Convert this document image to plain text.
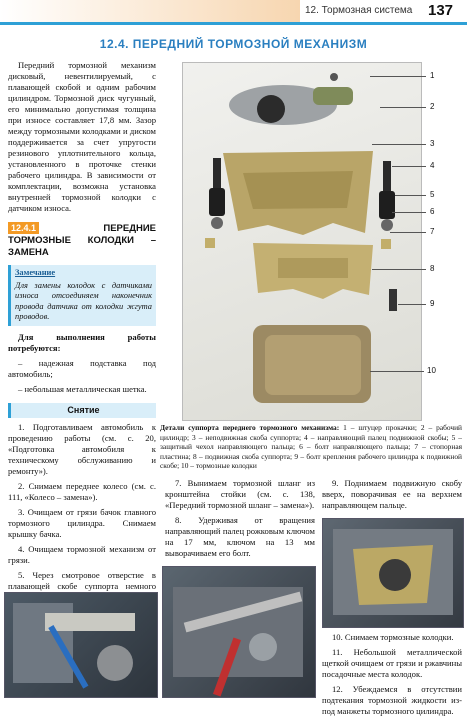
12. Тормозная система 137
12.4. ПЕРЕДНИЙ ТОРМОЗНОЙ МЕХАНИЗМ

Передний тормозной механизм дисковый, невентилируемый, с плавающей скобой и одним рабочим цилиндром. Тормозной диск чугунный, его минимально допустимая толщина при износе составляет 17,8 мм. Зазор между тормозными колодками и диском поддерживается за счет упругости резинового уплотнительного кольца, установленного в проточке стенки рабочего цилиндра. В зависимости от комплектации, возможна установка внутренней тормозной колодки с датчиком износа.

12.4.1	ПЕРЕДНИЕ ТОРМОЗНЫЕ КОЛОДКИ – ЗАМЕНА
Замечание
Для замены колодок с датчиками износа отсоединяем наконечник провода датчика от колодки жгута проводов.

Для выполнения работы потребуются:

– надежная подставка под автомобиль;

– небольшая металлическая шетка.

Снятие

1. Подготавливаем автомобиль к проведению работы (см. с. 20, «Подготовка автомобиля к техническому обслуживанию и ремонту»).

2. Снимаем переднее колесо (см. с. 111, «Колесо – замена»).

3. Очищаем от грязи бачок главного тормозного цилиндра. Снимаем крышку бачка.

4. Очищаем тормозной механизм от грязи.

5. Через смотровое отверстие в плавающей скобе суппорта немного

1
2
3
4
5
6
7
8
9
10
Детали суппорта переднего тормозного механизма: 1 – штуцер прокачки; 2 – рабочий цилиндр; 3 – неподвижная скоба суппорта; 4 – направляющий палец подвижной скобы; 5 – защитный чехол направляющего пальца; 6 – болт направляющего пальца; 7 – стопорная пластина; 8 – подвижная скоба суппорта; 9 – болт крепления рабочего цилиндра к подвижной скобе; 10 – тормозные колодки

7. Вынимаем тормозной шланг из кронштейна стойки (см. с. 138, «Передний тормозной шланг – замена»).

8. Удерживая от вращения направляющий палец рожковым ключом на 17 мм, ключом на 13 мм выворачиваем его болт.

9. Поднимаем подвижную скобу вверх, поворачивая ее на верхнем направляющем пальце.

10. Снимаем тормозные колодки.

11. Небольшой металлической щеткой очищаем от грязи и ржавчины посадочные места колодок.

12. Убеждаемся в отсутствии подтекания тормозной жидкости из-под манжеты тормозного цилиндра.
